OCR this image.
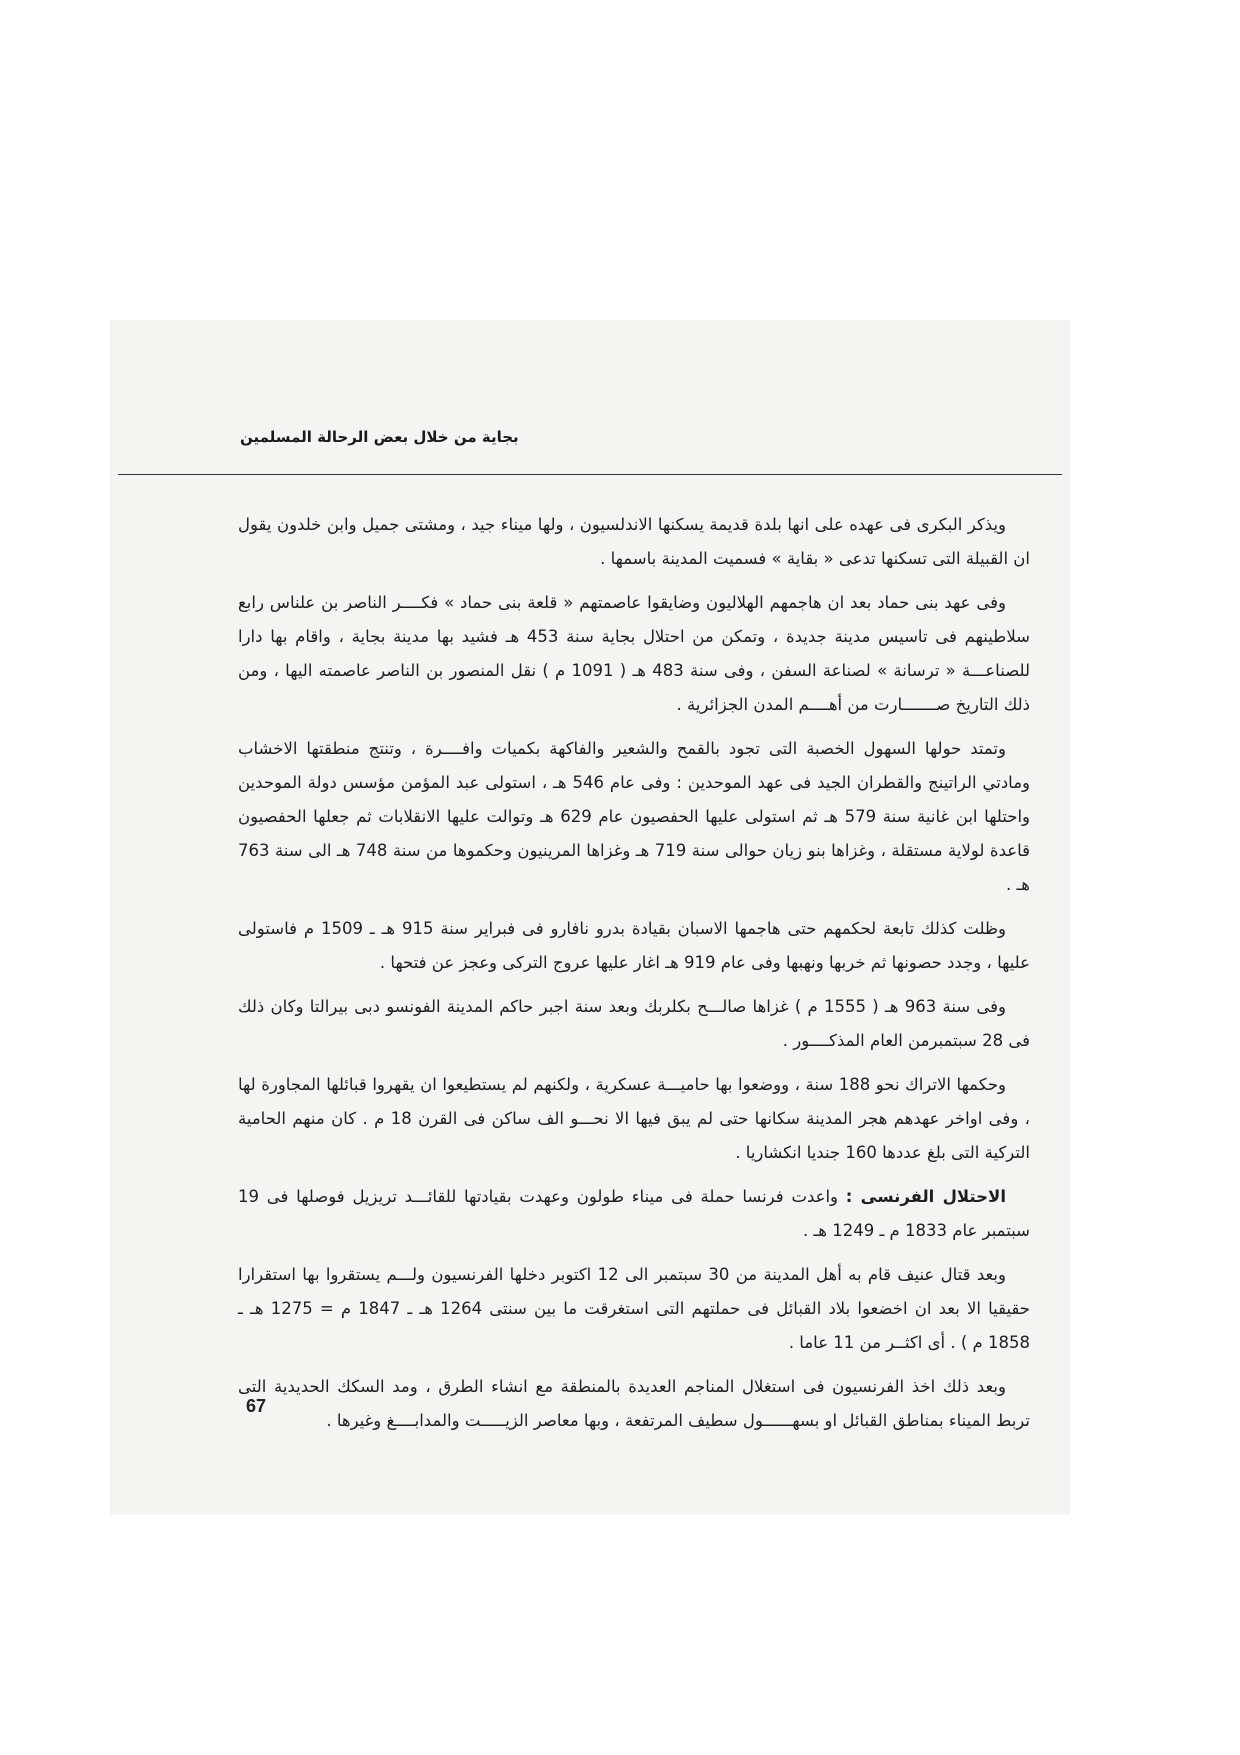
بجاية من خلال بعض الرحالة المسلمين

ويذكر البكرى فى عهده على انها بلدة قديمة يسكنها الاندلسيون ، ولها ميناء جيد ، ومشتى جميل وابن خلدون يقول ان القبيلة التى تسكنها تدعى « بقاية » فسميت المدينة باسمها .

وفى عهد بنى حماد بعد ان هاجمهم الهلاليون وضايقوا عاصمتهم « قلعة بنى حماد » فكــــر الناصر بن علناس رابع سلاطينهم فى تاسيس مدينة جديدة ، وتمكن من احتلال بجاية سنة 453 هـ فشيد بها مدينة بجاية ، واقام بها دارا للصناعـــة « ترسانة » لصناعة السفن ، وفى سنة 483 هـ ( 1091 م ) نقل المنصور بن الناصر عاصمته اليها ، ومن ذلك التاريخ صـــــــارت من أهــــم المدن الجزائرية .

وتمتد حولها السهول الخصبة التى تجود بالقمح والشعير والفاكهة بكميات وافــــرة ، وتنتج منطقتها الاخشاب ومادتي الراتينج والقطران الجيد فى عهد الموحدين : وفى عام 546 هـ ، استولى عبد المؤمن مؤسس دولة الموحدين واحتلها ابن غانية سنة 579 هـ ثم استولى عليها الحفصيون عام 629 هـ وتوالت عليها الانقلابات ثم جعلها الحفصيون قاعدة لولاية مستقلة ، وغزاها بنو زيان حوالى سنة 719 هـ وغزاها المرينيون وحكموها من سنة 748 هـ الى سنة 763 هـ .

وظلت كذلك تابعة لحكمهم حتى هاجمها الاسبان بقيادة بدرو نافارو فى فبراير سنة 915 هـ ـ 1509 م فاستولى عليها ، وجدد حصونها ثم خربها ونهبها وفى عام 919 هـ اغار عليها عروج التركى وعجز عن فتحها .

وفى سنة 963 هـ ( 1555 م ) غزاها صالـــح بكلربك وبعد سنة اجبر حاكم المدينة الفونسو دبى بيرالتا وكان ذلك فى 28 سبتمبرمن العام المذكــــور .

وحكمها الاتراك نحو 188 سنة ، ووضعوا بها حاميـــة عسكرية ، ولكنهم لم يستطيعوا ان يقهروا قبائلها المجاورة لها ، وفى اواخر عهدهم هجر المدينة سكانها حتى لم يبق فيها الا نحـــو الف ساكن فى القرن 18 م . كان منهم الحامية التركية التى بلغ عددها 160 جنديا انكشاريا .

الاحتلال الفرنسى : واعدت فرنسا حملة فى ميناء طولون وعهدت بقيادتها للقائـــد تريزيل فوصلها فى 19 سبتمبر عام 1833 م ـ 1249 هـ .

وبعد قتال عنيف قام به أهل المدينة من 30 سبتمبر الى 12 اكتوبر دخلها الفرنسيون ولـــم يستقروا بها استقرارا حقيقيا الا بعد ان اخضعوا بلاد القبائل فى حملتهم التى استغرقت ما بين سنتى 1264 هـ ـ 1847 م = 1275 هـ ـ 1858 م ) . أى اكثــر من 11 عاما .

وبعد ذلك اخذ الفرنسيون فى استغلال المناجم العديدة بالمنطقة مع انشاء الطرق ، ومد السكك الحديدية التى تربط الميناء بمناطق القبائل او بسهــــــول سطيف المرتفعة ، وبها معاصر الزيـــــت والمدابــــغ وغيرها .

67
